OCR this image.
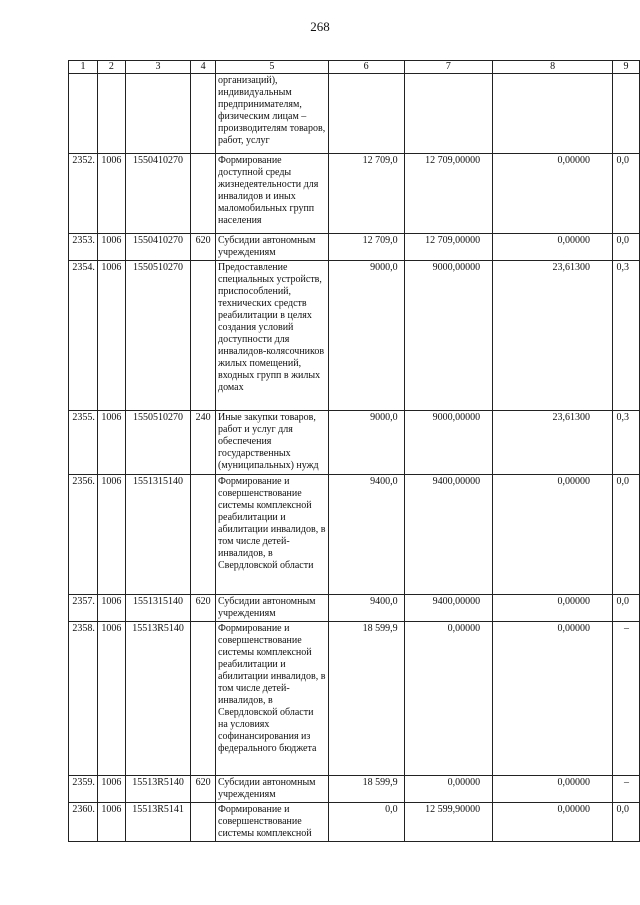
268
1	2	3	4	5	6	7	8	9
				организаций), индивидуальным предпринимателям, физическим лицам – производителям товаров, работ, услуг				
2352.	1006	1550410270		Формирование доступной среды жизнедеятельности для инвалидов и иных маломобильных групп населения	12 709,0	12 709,00000	0,00000	0,0
2353.	1006	1550410270	620	Субсидии автономным учреждениям	12 709,0	12 709,00000	0,00000	0,0
2354.	1006	1550510270		Предоставление специальных устройств, приспособлений, технических средств реабилитации в целях создания условий доступности для инвалидов-колясочников жилых помещений, входных групп в жилых домах	9000,0	9000,00000	23,61300	0,3
2355.	1006	1550510270	240	Иные закупки товаров, работ и услуг для обеспечения государственных (муниципальных) нужд	9000,0	9000,00000	23,61300	0,3
2356.	1006	1551315140		Формирование и совершенствование системы комплексной реабилитации и абилитации инвалидов, в том числе детей-инвалидов, в Свердловской области	9400,0	9400,00000	0,00000	0,0
2357.	1006	1551315140	620	Субсидии автономным учреждениям	9400,0	9400,00000	0,00000	0,0
2358.	1006	15513R5140		Формирование и совершенствование системы комплексной реабилитации и абилитации инвалидов, в том числе детей-инвалидов, в Свердловской области на условиях софинансирования из федерального бюджета	18 599,9	0,00000	0,00000	–
2359.	1006	15513R5140	620	Субсидии автономным учреждениям	18 599,9	0,00000	0,00000	–
2360.	1006	15513R5141		Формирование и совершенствование системы комплексной	0,0	12 599,90000	0,00000	0,0
